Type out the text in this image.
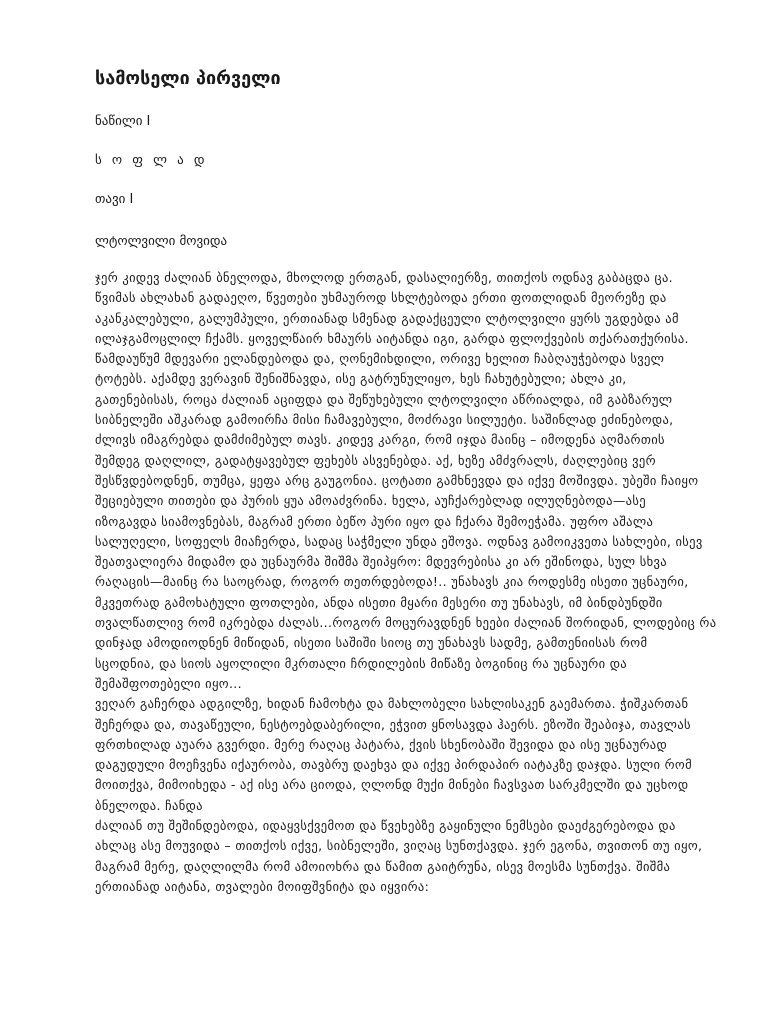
სამოსელი პირველი

ნაწილი I

ს ო ფ ლ ა დ

თავი I

ლტოლვილი მოვიდა

ჯერ კიდევ ძალიან ბნელოდა, მხოლოდ ერთგან, დასალიერზე, თითქოს ოდნავ გაბაცდა ცა.
წვიმას ახლახან გადაეღო, წვეთები უხმაუროდ სხლტებოდა ერთი ფოთლიდან მეორეზე და
აკანკალებული, გალუმპული, ერთიანად სმენად გადაქცეული ლტოლვილი ყურს უგდებდა ამ
ილაჯგამოცლილ ჩქამს. ყოველწაირ ხმაურს აიტანდა იგი, გარდა ფლოქვების თქარათქურისა.
წამდაუწუმ მდევარი ელანდებოდა და, ღონემიხდილი, ორივე ხელით ჩაბღაუჭებოდა სველ
ტოტებს. აქამდე ვერავინ შენიშნავდა, ისე გატრუნულიყო, ხეს ჩახუტებული; ახლა კი,
გათენებისას, როცა ძალიან აციფდა და შეწუხებული ლტოლვილი აწრიალდა, იმ გაბზარულ
სიბნელეში აშკარად გამოირჩა მისი ჩამავებული, მოძრავი სილუეტი. საშინლად ეძინებოდა,
ძლივს იმაგრებდა დამძიმებულ თავს. კიდევ კარგი, რომ იჯდა მაინც – იმოდენა აღმართის
შემდეგ დაღლილ, გადატყავებულ ფეხებს ასვენებდა. აქ, ხეზე ამძვრალს, ძაღლებიც ვერ
შესწვდებოდნენ, თუმცა, ყეფა არც გაუგონია. ცოტათი გამხნევდა და იქვე მოშივდა. უბეში ჩაიყო
შეციებული თითები და პურის ყუა ამოაძვრინა. ხელა, აუჩქარებლად ილუღნებოდა—ასე
იზოგავდა სიამოვნებას, მაგრამ ერთი ბეწო პური იყო და ჩქარა შემოეჭამა. უფრო აშალა
სალუღელი, სოფელს მიაჩერდა, სადაც საჭმელი უნდა ეშოვა. ოდნავ გამოიკვეთა სახლები, ისევ
შეათვალიერა მიდამო და უცნაურმა შიშმა შეიპყრო: მდევრებისა კი არ ეშინოდა, სულ სხვა
რაღაცის—მაინც რა საოცრად, როგორ თეთრდებოდა!.. უნახავს კია როდესმე ისეთი უცნაური,
მკვეთრად გამოხატული ფოთლები, ანდა ისეთი მყარი მესერი თუ უნახავს, იმ ბინდბუნდში
თვალწათლივ რომ იკრებდა ძალას...როგორ მოცურავდნენ ხეები ძალიან შორიდან, ლოდებიც რა
დინჯად ამოდიოდნენ მიწიდან, ისეთი საშიში სიოც თუ უნახავს სადმე, გამთენიისას რომ
სცოდნია, და სიოს აყოლილი მკრთალი ჩრდილების მიწაზე ბოგინიც რა უცნაური და
შემაშფოთებელი იყო...
ვეღარ გაჩერდა ადგილზე, ხიდან ჩამოხტა და მახლობელი სახლისაკენ გაემართა. ჭიშკართან
შეჩერდა და, თავაწეული, ნესტოებდაბერილი, ეჭვით ყნოსავდა ჰაერს. ეზოში შეაბიჯა, თავლას
ფრთხილად აუარა გვერდი. მერე რაღაც პატარა, ქვის სხენობაში შევიდა და ისე უცნაურად
დაგუდული მოეჩვენა იქაურობა, თავბრუ დაეხვა და იქვე პირდაპირ იატაკზე დაჯდა. სული რომ
მოითქვა, მიმოიხედა - აქ ისე არა ციოდა, ღლონდ მუქი მინები ჩავსვათ სარკმელში და უცხოდ
ბნელოდა. ჩანდა
ძალიან თუ შეშინდებოდა, იდაყვსქვემოთ და წვეხებზე გაყინული ნემსები დაეძგერებოდა და
ახლაც ასე მოუვიდა – თითქოს იქვე, სიბნელეში, ვიღაც სუნთქავდა. ჯერ ეგონა, თვითონ თუ იყო,
მაგრამ მერე, დაღლილმა რომ ამოიოხრა და წამით გაიტრუნა, ისევ მოესმა სუნთქვა. შიშმა
ერთიანად აიტანა, თვალები მოიფშვნიტა და იყვირა:
